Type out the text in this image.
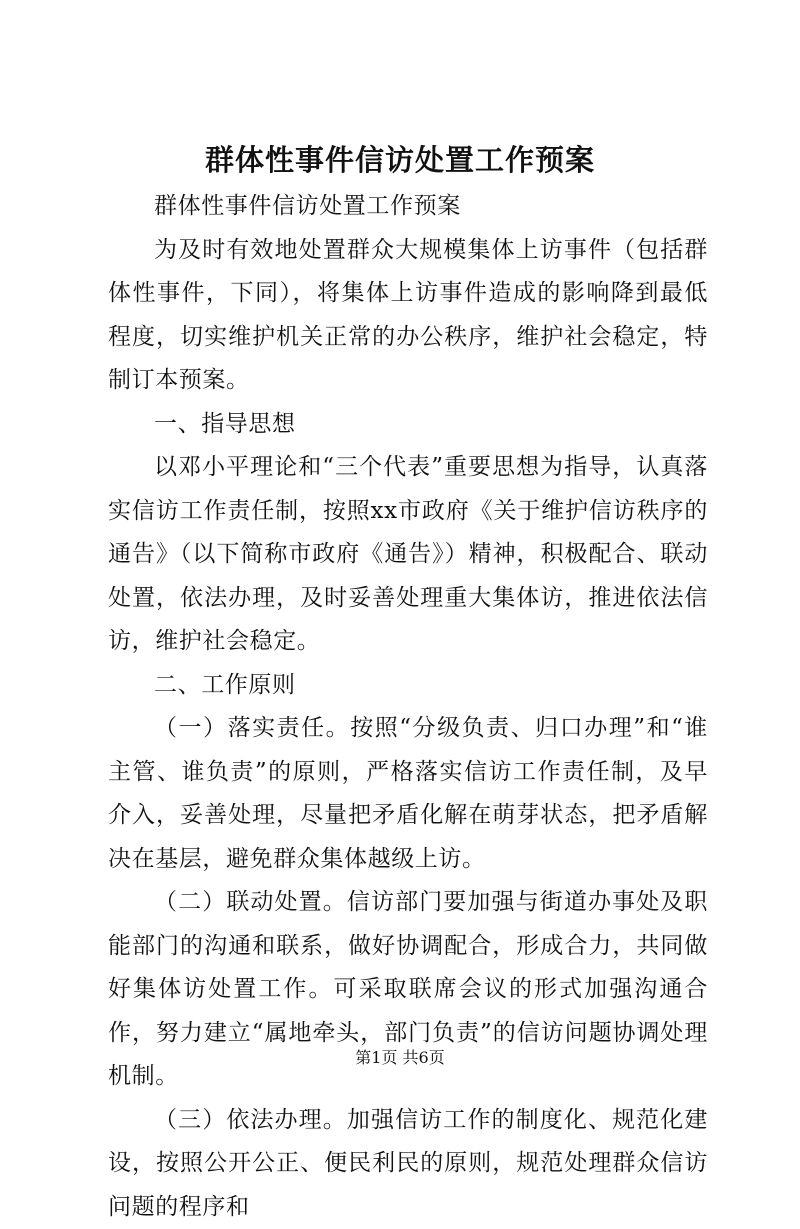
群体性事件信访处置工作预案

群体性事件信访处置工作预案

为及时有效地处置群众大规模集体上访事件（包括群体性事件，下同），将集体上访事件造成的影响降到最低程度，切实维护机关正常的办公秩序，维护社会稳定，特制订本预案。

一、指导思想

以邓小平理论和“三个代表”重要思想为指导，认真落实信访工作责任制，按照xx市政府《关于维护信访秩序的通告》（以下简称市政府《通告》）精神，积极配合、联动处置，依法办理，及时妥善处理重大集体访，推进依法信访，维护社会稳定。

二、工作原则

（一）落实责任。按照“分级负责、归口办理”和“谁主管、谁负责”的原则，严格落实信访工作责任制，及早介入，妥善处理，尽量把矛盾化解在萌芽状态，把矛盾解决在基层，避免群众集体越级上访。

（二）联动处置。信访部门要加强与街道办事处及职能部门的沟通和联系，做好协调配合，形成合力，共同做好集体访处置工作。可采取联席会议的形式加强沟通合作，努力建立“属地牵头，部门负责”的信访问题协调处理机制。

（三）依法办理。加强信访工作的制度化、规范化建设，按照公开公正、便民利民的原则，规范处理群众信访问题的程序和

第1页 共6页
